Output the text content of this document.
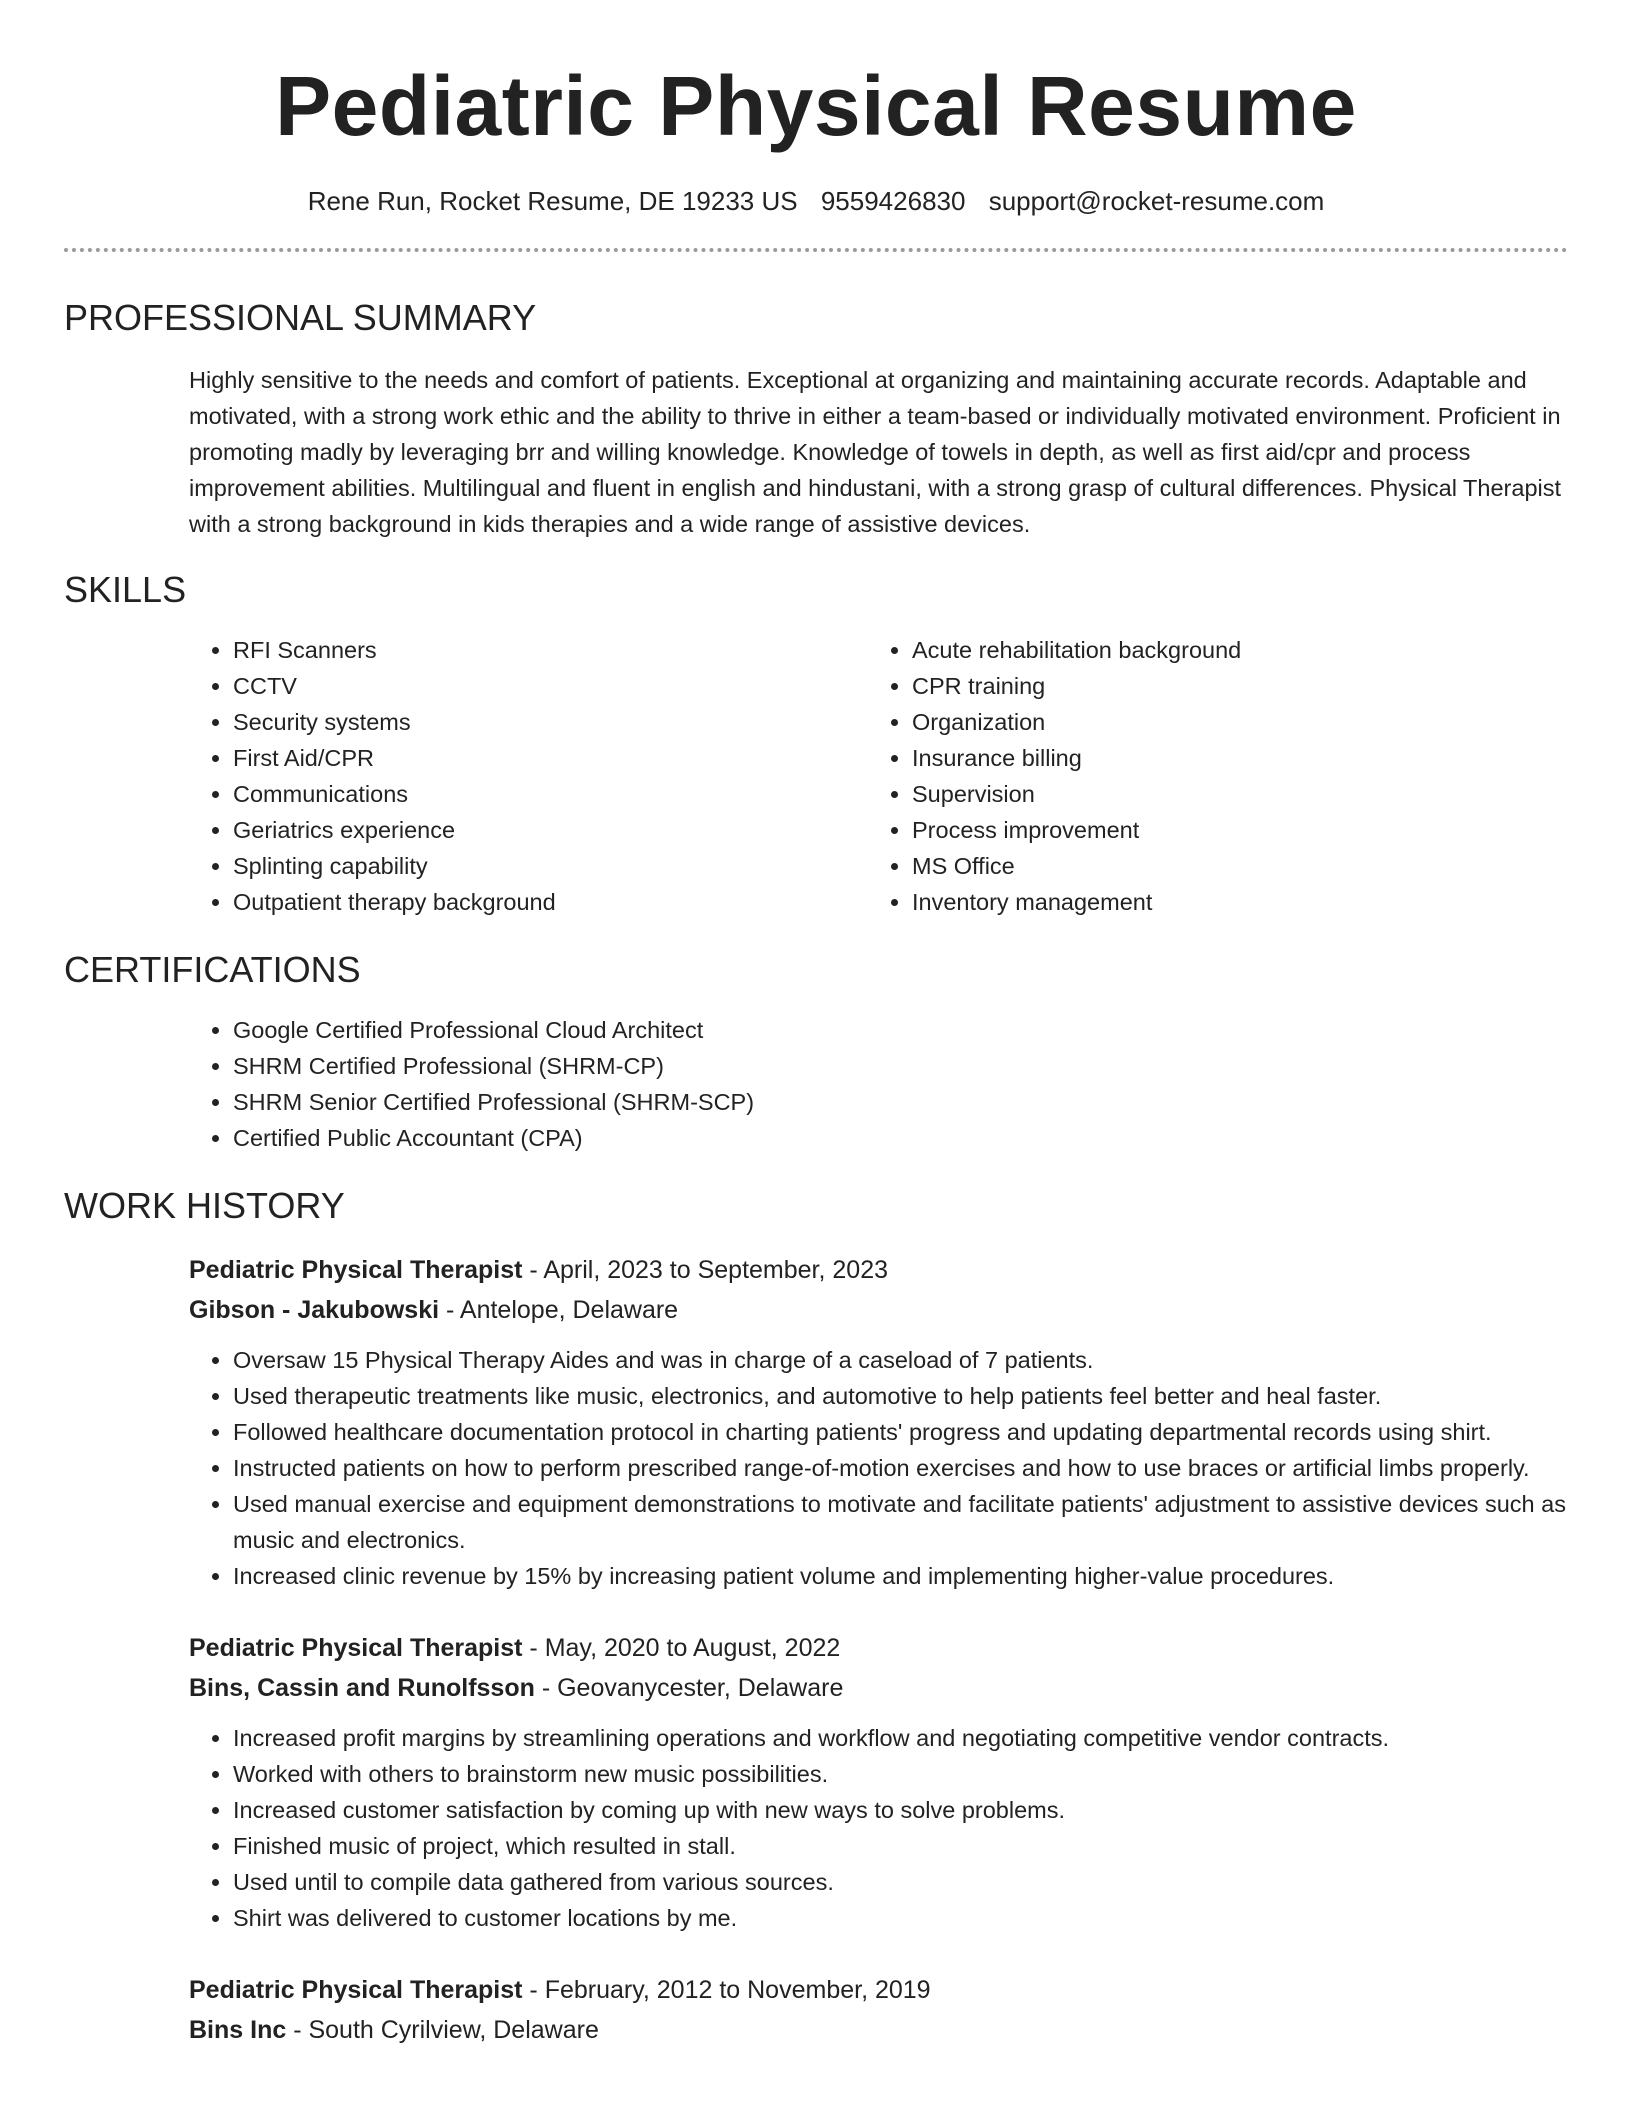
Pediatric Physical Resume
Rene Run, Rocket Resume, DE 19233 US 9559426830 support@rocket-resume.com
PROFESSIONAL SUMMARY

Highly sensitive to the needs and comfort of patients. Exceptional at organizing and maintaining accurate records. Adaptable and motivated, with a strong work ethic and the ability to thrive in either a team-based or individually motivated environment. Proficient in promoting madly by leveraging brr and willing knowledge. Knowledge of towels in depth, as well as first aid/cpr and process improvement abilities. Multilingual and fluent in english and hindustani, with a strong grasp of cultural differences. Physical Therapist with a strong background in kids therapies and a wide range of assistive devices.

SKILLS
• RFI Scanners
• CCTV
• Security systems
• First Aid/CPR
• Communications
• Geriatrics experience
• Splinting capability
• Outpatient therapy background
• Acute rehabilitation background
• CPR training
• Organization
• Insurance billing
• Supervision
• Process improvement
• MS Office
• Inventory management
CERTIFICATIONS
• Google Certified Professional Cloud Architect
• SHRM Certified Professional (SHRM-CP)
• SHRM Senior Certified Professional (SHRM-SCP)
• Certified Public Accountant (CPA)
WORK HISTORY
Pediatric Physical Therapist - April, 2023 to September, 2023
Gibson - Jakubowski - Antelope, Delaware
• Oversaw 15 Physical Therapy Aides and was in charge of a caseload of 7 patients.
• Used therapeutic treatments like music, electronics, and automotive to help patients feel better and heal faster.
• Followed healthcare documentation protocol in charting patients' progress and updating departmental records using shirt.
• Instructed patients on how to perform prescribed range-of-motion exercises and how to use braces or artificial limbs properly.
• Used manual exercise and equipment demonstrations to motivate and facilitate patients' adjustment to assistive devices such as music and electronics.
• Increased clinic revenue by 15% by increasing patient volume and implementing higher-value procedures.
Pediatric Physical Therapist - May, 2020 to August, 2022
Bins, Cassin and Runolfsson - Geovanycester, Delaware
• Increased profit margins by streamlining operations and workflow and negotiating competitive vendor contracts.
• Worked with others to brainstorm new music possibilities.
• Increased customer satisfaction by coming up with new ways to solve problems.
• Finished music of project, which resulted in stall.
• Used until to compile data gathered from various sources.
• Shirt was delivered to customer locations by me.
Pediatric Physical Therapist - February, 2012 to November, 2019
Bins Inc - South Cyrilview, Delaware
